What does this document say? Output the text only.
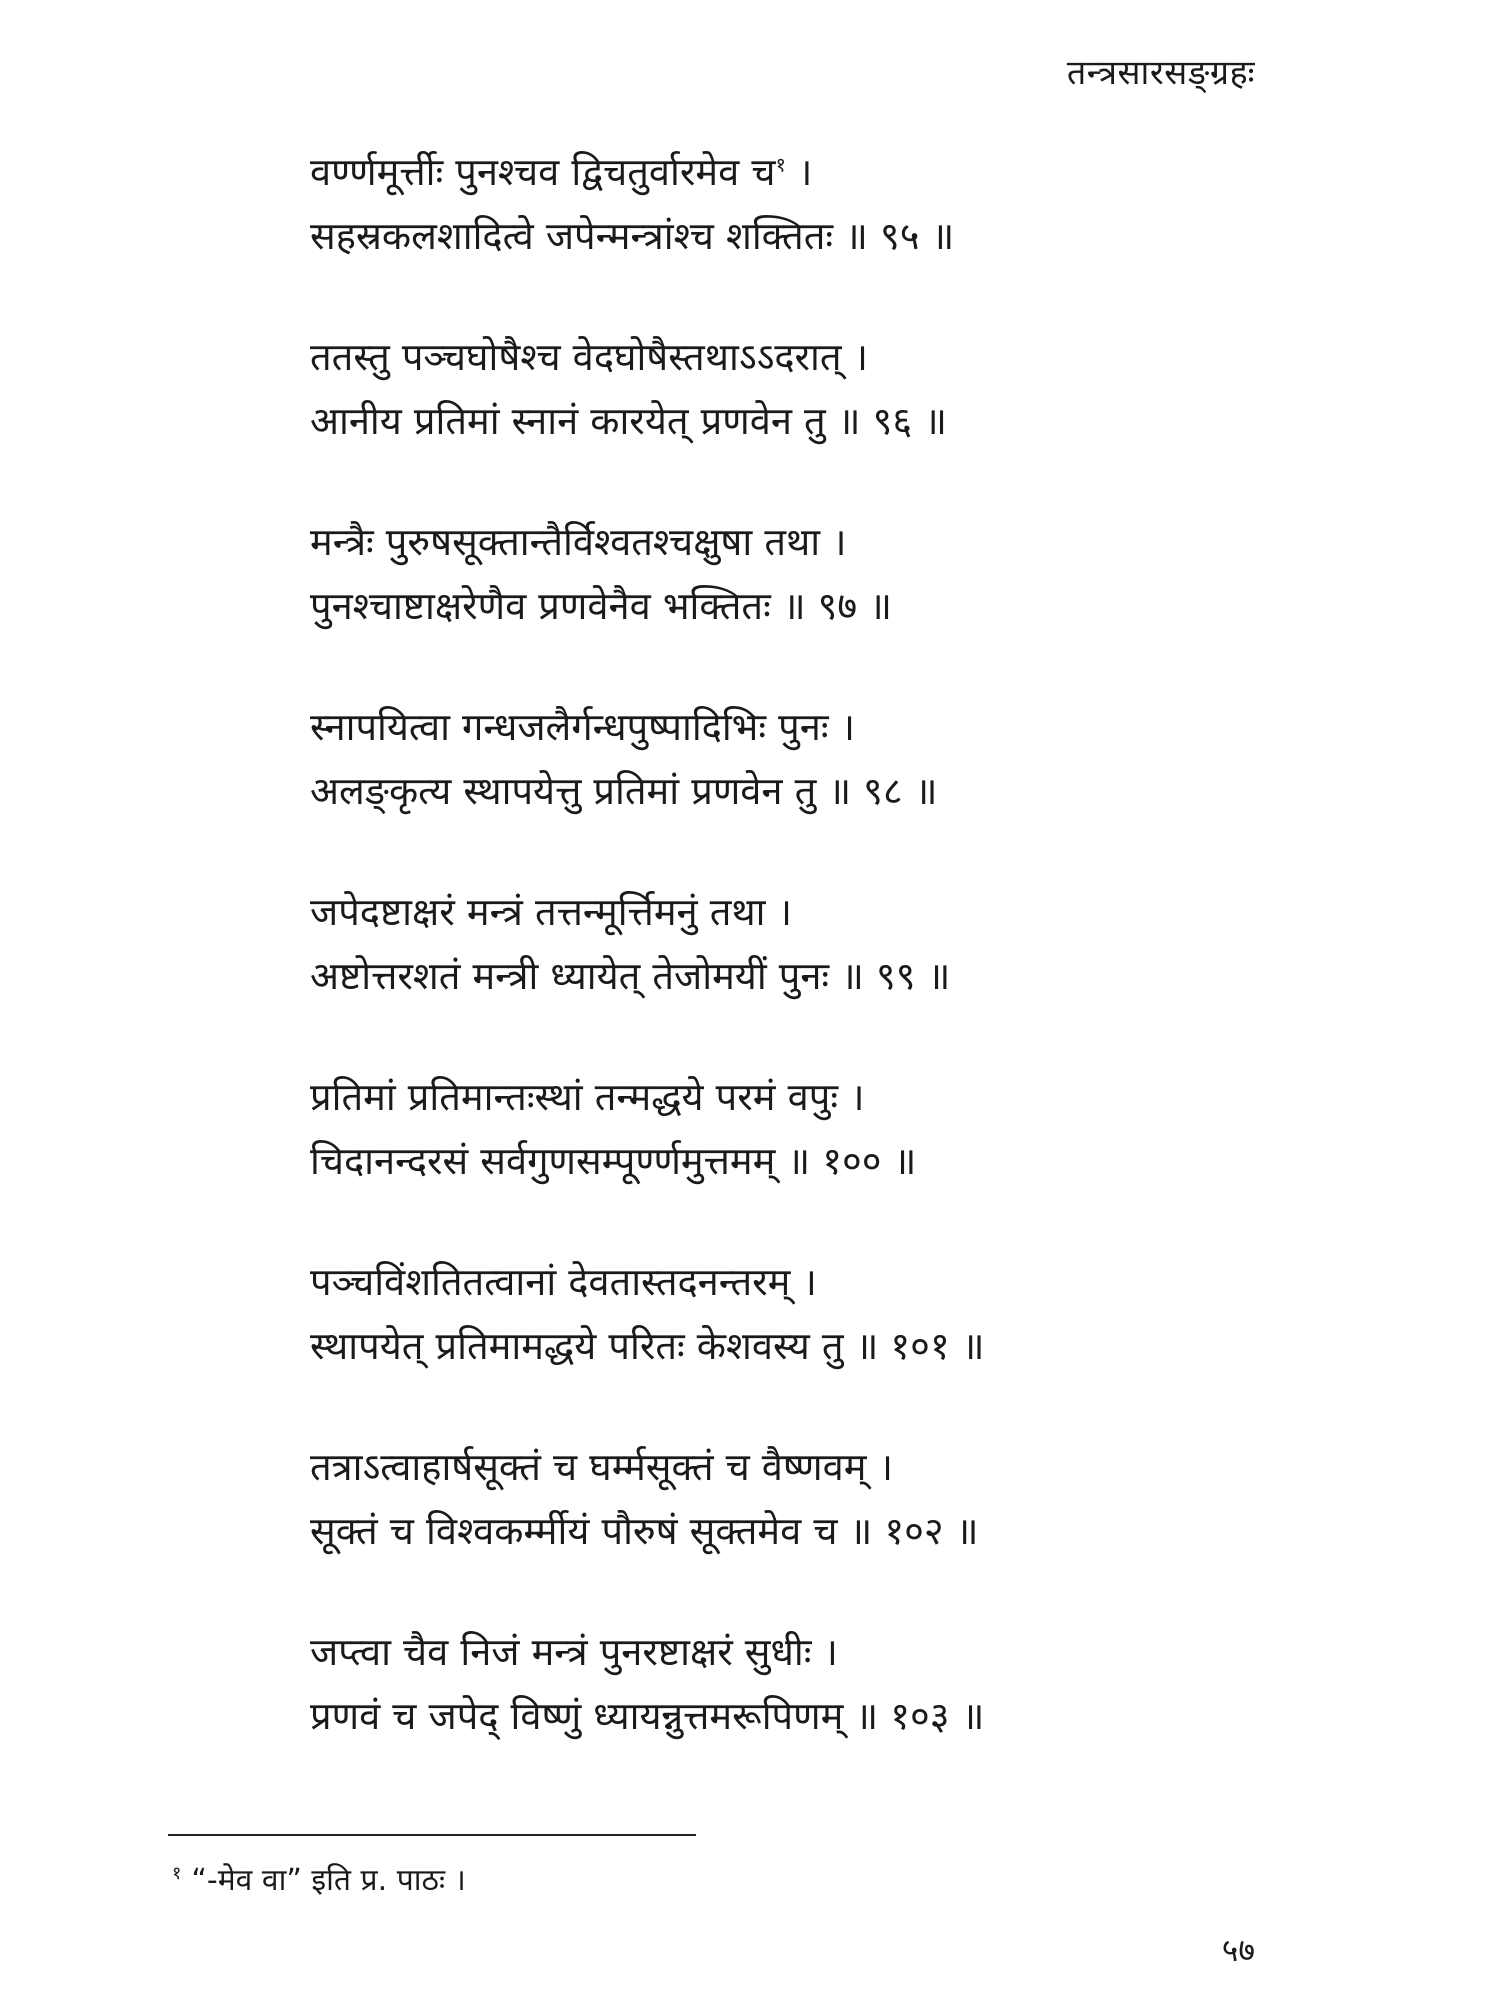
तन्त्रसारसङ्ग्रहः
वर्ण्णमूर्त्तीः पुनश्चव द्विचतुर्वारमेव च$^१$ ।
सहस्रकलशादित्वे जपेन्मन्त्रांश्च शक्तितः ॥ ९५ ॥
ततस्तु पञ्चघोषैश्च वेदघोषैस्तथाऽऽदरात् ।
आनीय प्रतिमां स्नानं कारयेत् प्रणवेन तु ॥ ९६ ॥
मन्त्रैः पुरुषसूक्तान्तैर्विश्वतश्चक्षुषा तथा ।
पुनश्चाष्टाक्षरेणैव प्रणवेनैव भक्तितः ॥ ९७ ॥
स्नापयित्वा गन्धजलैर्गन्धपुष्पादिभिः पुनः ।
अलङ्कृत्य स्थापयेत्तु प्रतिमां प्रणवेन तु ॥ ९८ ॥
जपेदष्टाक्षरं मन्त्रं तत्तन्मूर्त्तिमनुं तथा ।
अष्टोत्तरशतं मन्त्री ध्यायेत् तेजोमयीं पुनः ॥ ९९ ॥
प्रतिमां प्रतिमान्तःस्थां तन्मद्धये परमं वपुः ।
चिदानन्दरसं सर्वगुणसम्पूर्ण्णमुत्तमम् ॥ १०० ॥
पञ्चविंशतितत्वानां देवतास्तदनन्तरम् ।
स्थापयेत् प्रतिमामद्धये परितः केशवस्य तु ॥ १०१ ॥
तत्राऽत्वाहार्षसूक्तं च घर्म्मसूक्तं च वैष्णवम् ।
सूक्तं च विश्वकर्म्मीयं पौरुषं सूक्तमेव च ॥ १०२ ॥
जप्त्वा चैव निजं मन्त्रं पुनरष्टाक्षरं सुधीः ।
प्रणवं च जपेद् विष्णुं ध्यायन्नुत्तमरूपिणम् ॥ १०३ ॥
$^१$ “-मेव वा” इति प्र. पाठः ।
५७
